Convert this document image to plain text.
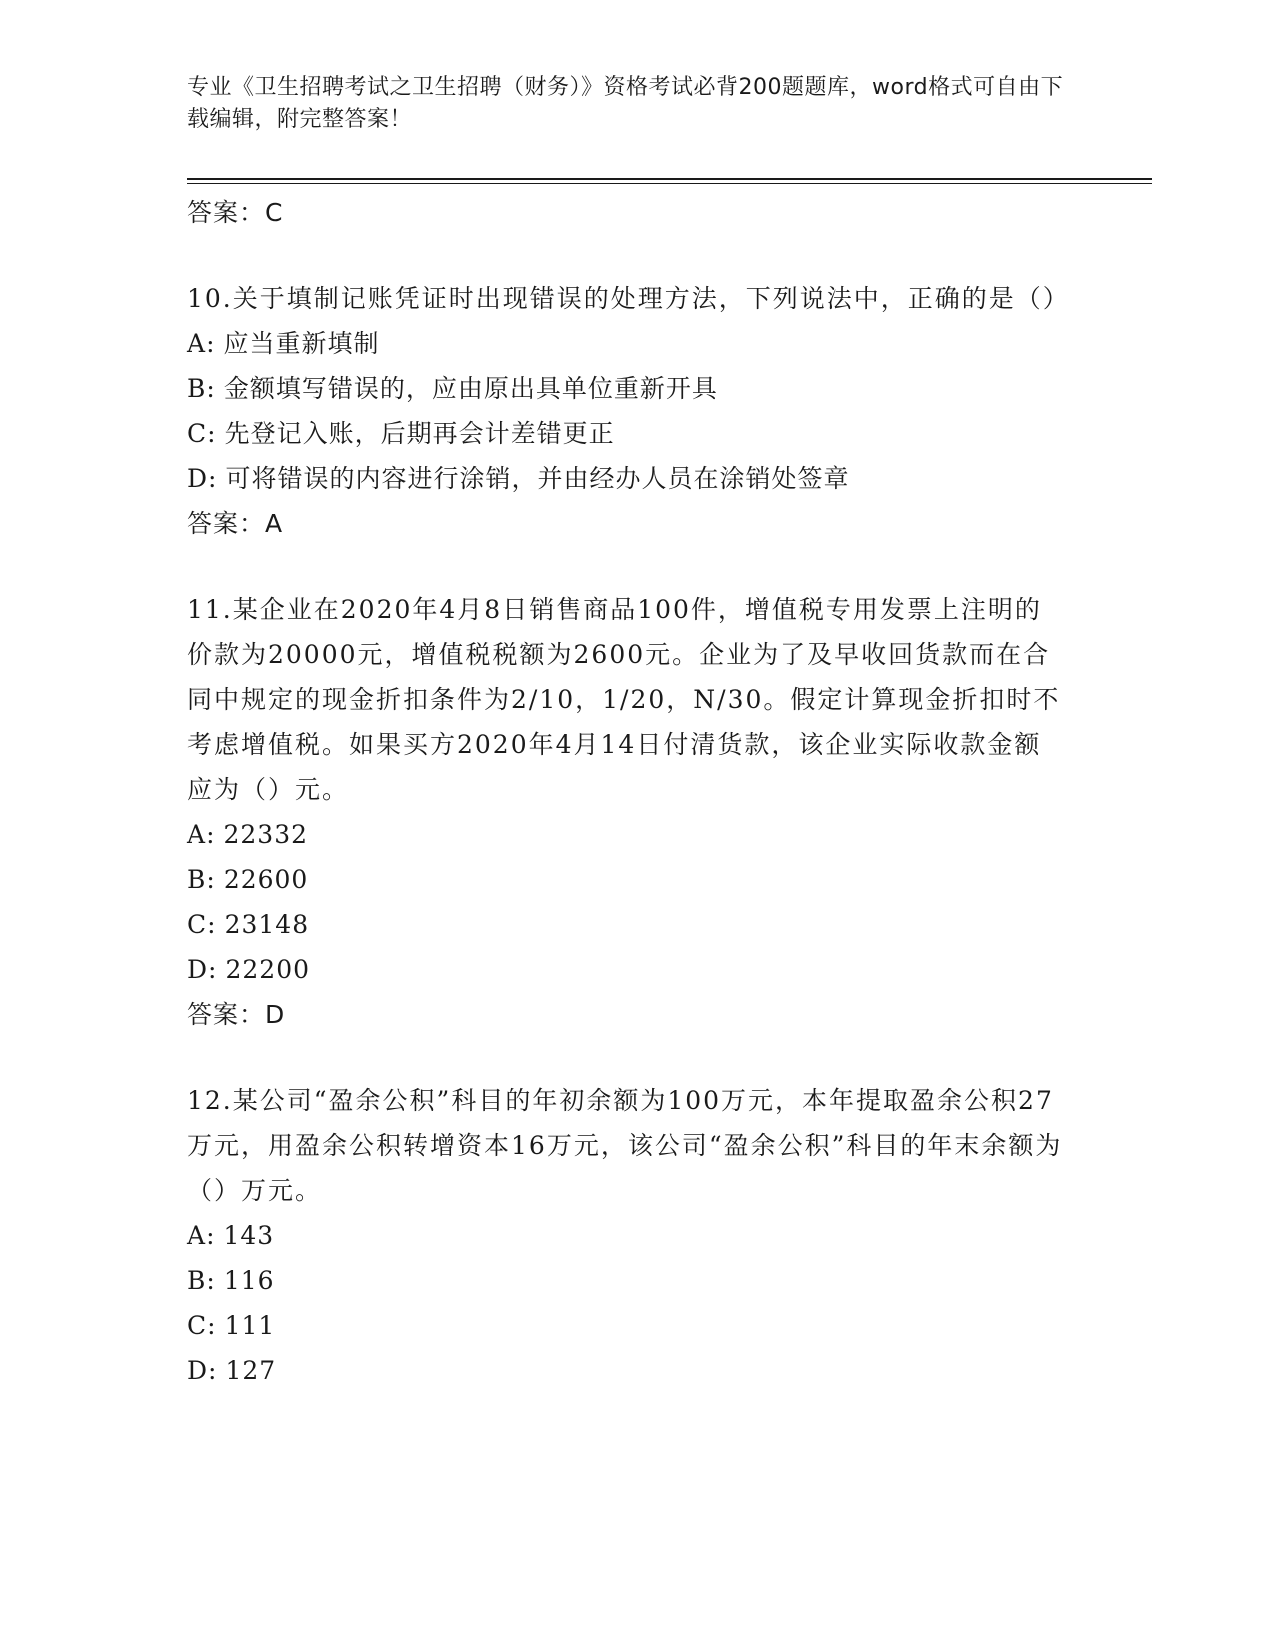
专业《卫生招聘考试之卫生招聘（财务）》资格考试必背200题题库，word格式可自由下载编辑，附完整答案！
答案：C
10.关于填制记账凭证时出现错误的处理方法，下列说法中，正确的是（）
A: 应当重新填制
B: 金额填写错误的，应由原出具单位重新开具
C: 先登记入账，后期再会计差错更正
D: 可将错误的内容进行涂销，并由经办人员在涂销处签章
答案：A
11.某企业在2020年4月8日销售商品100件，增值税专用发票上注明的价款为20000元，增值税税额为2600元。企业为了及早收回货款而在合同中规定的现金折扣条件为2/10，1/20，N/30。假定计算现金折扣时不考虑增值税。如果买方2020年4月14日付清货款，该企业实际收款金额应为（）元。
A: 22332
B: 22600
C: 23148
D: 22200
答案：D
12.某公司“盈余公积”科目的年初余额为100万元，本年提取盈余公积27万元，用盈余公积转增资本16万元，该公司“盈余公积”科目的年末余额为（）万元。
A: 143
B: 116
C: 111
D: 127
